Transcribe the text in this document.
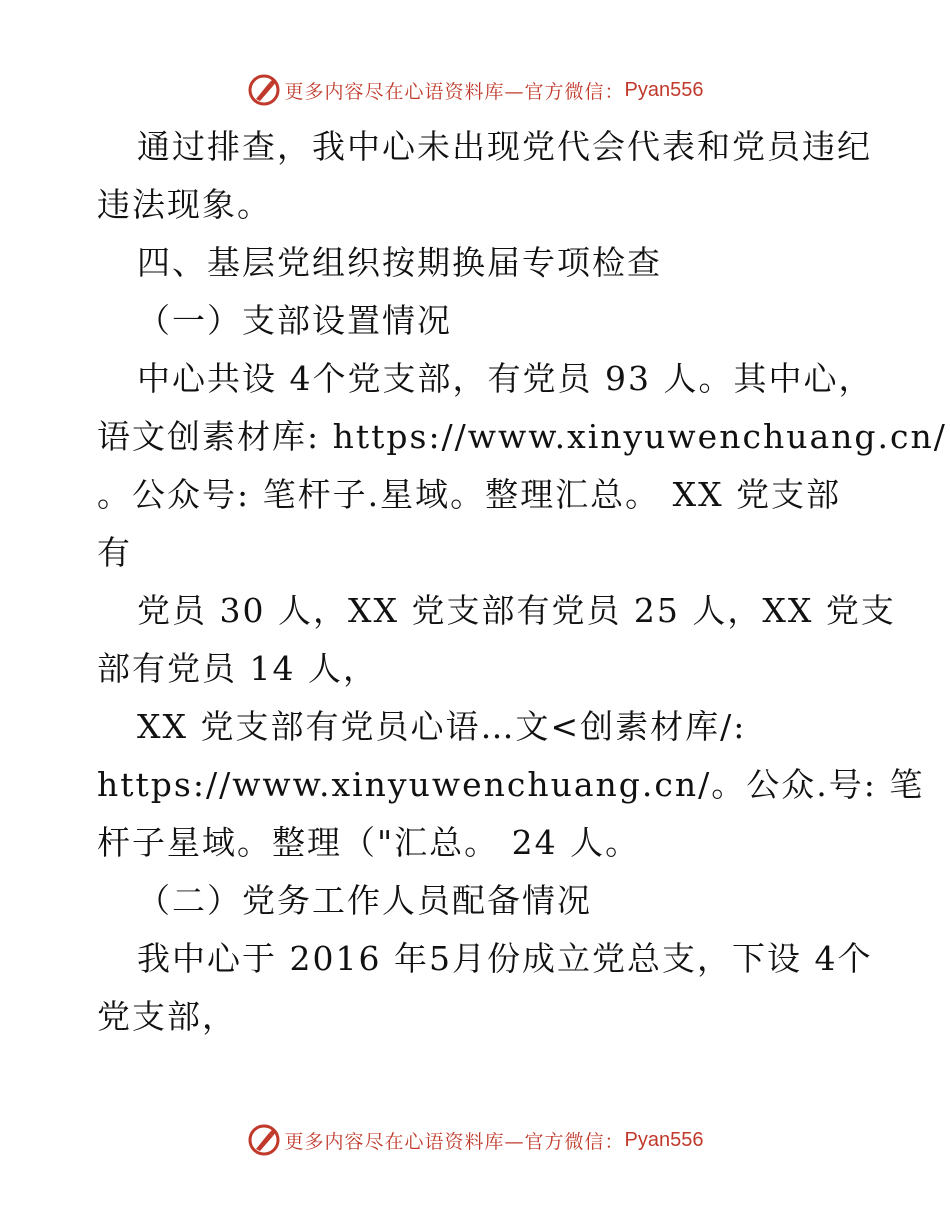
更多内容尽在心语资料库—官方微信： Pyan556
通过排查，我中心未出现党代会代表和党员违纪
违法现象。
四、基层党组织按期换届专项检查
（一）支部设置情况
中心共设 4个党支部，有党员 93 人。其中心，
语文创素材库: https://www.xinyuwenchuang.cn/
。公众号: 笔杆子.星域。整理汇总。 XX 党支部
有
党员 30 人，XX 党支部有党员 25 人，XX 党支
部有党员 14 人，
XX 党支部有党员心语…文<创素材库/:
https://www.xinyuwenchuang.cn/。公众.号: 笔
杆子星域。整理（"汇总。 24 人。
（二）党务工作人员配备情况
我中心于 2016 年5月份成立党总支，下设 4个
党支部，
更多内容尽在心语资料库—官方微信： Pyan556
